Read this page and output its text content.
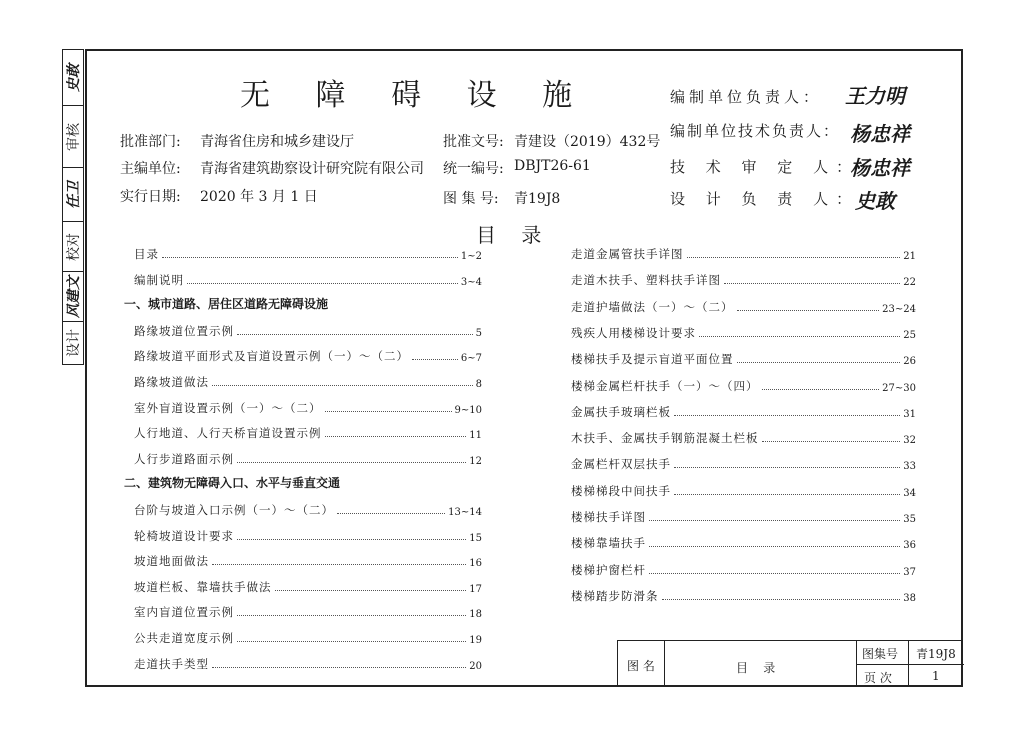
史敢
审核
任卫
校对
风建文
设计
无 障 碍 设 施
批准部门: 青海省住房和城乡建设厅
主编单位: 青海省建筑勘察设计研究院有限公司
实行日期: 2020 年 3 月 1 日
批准文号: 青建设（2019）432号
统一编号: DBJT26-61
图 集 号: 青19J8
编制单位负责人： 王力明
编制单位技术负责人： 杨忠祥
技 术 审 定 人：
杨忠祥
设 计 负 责 人：
史敢
目    录
目录	1~2
编制说明	3~4
一、城市道路、居住区道路无障碍设施
路缘坡道位置示例	5
路缘坡道平面形式及盲道设置示例（一）～（二）	6~7
路缘坡道做法	8
室外盲道设置示例（一）～（二）	9~10
人行地道、人行天桥盲道设置示例	11
人行步道路面示例	12
二、建筑物无障碍入口、水平与垂直交通
台阶与坡道入口示例（一）～（二）	13~14
轮椅坡道设计要求	15
坡道地面做法	16
坡道栏板、靠墙扶手做法	17
室内盲道位置示例	18
公共走道宽度示例	19
走道扶手类型	20
走道金属管扶手详图	21
走道木扶手、塑料扶手详图	22
走道护墙做法（一）～（二）	23~24
残疾人用楼梯设计要求	25
楼梯扶手及提示盲道平面位置	26
楼梯金属栏杆扶手（一）～（四）	27~30
金属扶手玻璃栏板	31
木扶手、金属扶手钢筋混凝土栏板	32
金属栏杆双层扶手	33
楼梯梯段中间扶手	34
楼梯扶手详图	35
楼梯靠墙扶手	36
楼梯护窗栏杆	37
楼梯踏步防滑条	38
图 名	目    录
图集号 青19J8
页 次	1
